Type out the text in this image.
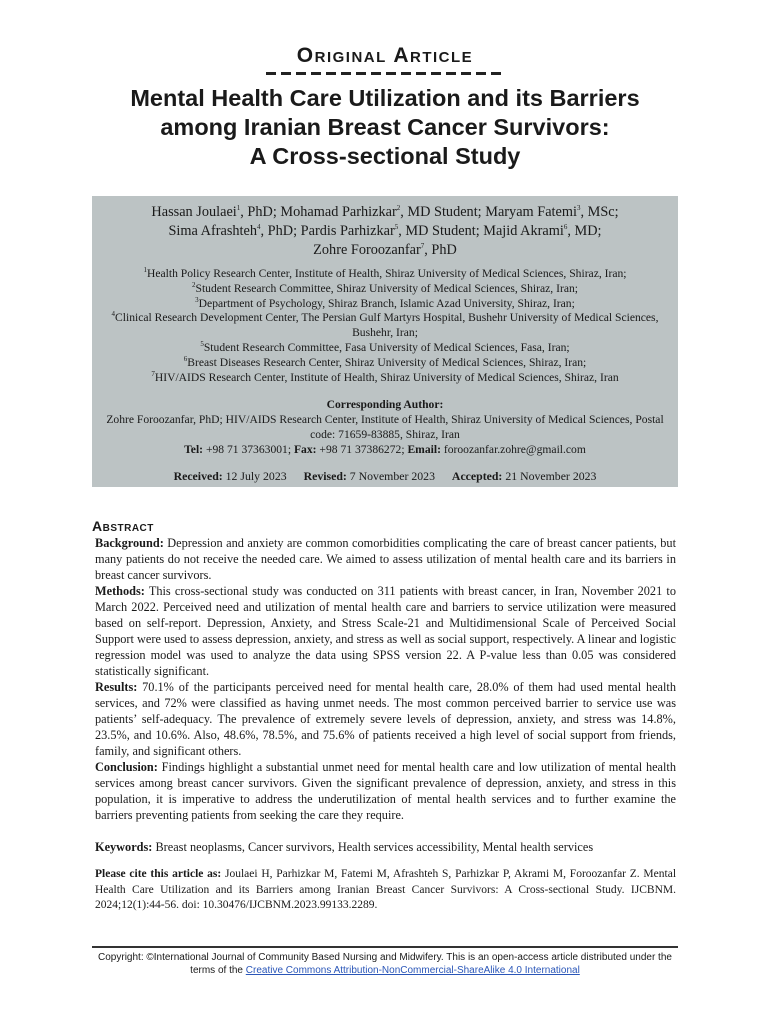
Original Article
Mental Health Care Utilization and its Barriers
among Iranian Breast Cancer Survivors:
A Cross-sectional Study
Hassan Joulaei$^1$, PhD; Mohamad Parhizkar$^2$, MD Student; Maryam Fatemi$^3$, MSc;
Sima Afrashteh$^4$, PhD; Pardis Parhizkar$^5$, MD Student; Majid Akrami$^6$, MD;
Zohre Foroozanfar$^7$, PhD
$^1$Health Policy Research Center, Institute of Health, Shiraz University of Medical Sciences, Shiraz, Iran;
$^2$Student Research Committee, Shiraz University of Medical Sciences, Shiraz, Iran;
$^3$Department of Psychology, Shiraz Branch, Islamic Azad University, Shiraz, Iran;
$^4$Clinical Research Development Center, The Persian Gulf Martyrs Hospital, Bushehr University of Medical Sciences, Bushehr, Iran;
$^5$Student Research Committee, Fasa University of Medical Sciences, Fasa, Iran;
$^6$Breast Diseases Research Center, Shiraz University of Medical Sciences, Shiraz, Iran;
$^7$HIV/AIDS Research Center, Institute of Health, Shiraz University of Medical Sciences, Shiraz, Iran
Corresponding Author:
Zohre Foroozanfar, PhD; HIV/AIDS Research Center, Institute of Health, Shiraz University of Medical Sciences, Postal code: 71659-83885, Shiraz, Iran
Tel: +98 71 37363001; Fax: +98 71 37386272; Email: foroozanfar.zohre@gmail.com
Received: 12 July 2023 Revised: 7 November 2023 Accepted: 21 November 2023
Abstract

Background: Depression and anxiety are common comorbidities complicating the care of breast cancer patients, but many patients do not receive the needed care. We aimed to assess utilization of mental health care and its barriers in breast cancer survivors.

Methods: This cross-sectional study was conducted on 311 patients with breast cancer, in Iran, November 2021 to March 2022. Perceived need and utilization of mental health care and barriers to service utilization were measured based on self-report. Depression, Anxiety, and Stress Scale-21 and Multidimensional Scale of Perceived Social Support were used to assess depression, anxiety, and stress as well as social support, respectively. A linear and logistic regression model was used to analyze the data using SPSS version 22. A P-value less than 0.05 was considered statistically significant.

Results: 70.1% of the participants perceived need for mental health care, 28.0% of them had used mental health services, and 72% were classified as having unmet needs. The most common perceived barrier to service use was patients’ self-adequacy. The prevalence of extremely severe levels of depression, anxiety, and stress was 14.8%, 23.5%, and 10.6%. Also, 48.6%, 78.5%, and 75.6% of patients received a high level of social support from friends, family, and significant others.

Conclusion: Findings highlight a substantial unmet need for mental health care and low utilization of mental health services among breast cancer survivors. Given the significant prevalence of depression, anxiety, and stress in this population, it is imperative to address the underutilization of mental health services and to further examine the barriers preventing patients from seeking the care they require.

Keywords: Breast neoplasms, Cancer survivors, Health services accessibility, Mental health services
Please cite this article as: Joulaei H, Parhizkar M, Fatemi M, Afrashteh S, Parhizkar P, Akrami M, Foroozanfar Z. Mental Health Care Utilization and its Barriers among Iranian Breast Cancer Survivors: A Cross-sectional Study. IJCBNM. 2024;12(1):44-56. doi: 10.30476/IJCBNM.2023.99133.2289.
Copyright: ©International Journal of Community Based Nursing and Midwifery. This is an open-access article distributed under the terms of the Creative Commons Attribution-NonCommercial-ShareAlike 4.0 International
